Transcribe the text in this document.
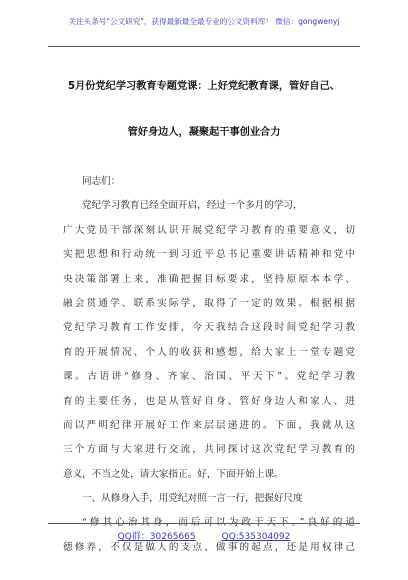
关注头条号"公文研究"，获得最新最全最专业的公文资料库！ 微信：gongwenyj
5月份党纪学习教育专题党课：上好党纪教育课，管好自己、
管好身边人，凝聚起干事创业合力
同志们：
党纪学习教育已经全面开启，经过一个多月的学习，
广大党员干部深刻认识开展党纪学习教育的重要意义，切
实把思想和行动统一到习近平总书记重要讲话精神和党中
央决策部署上来，准确把握目标要求，坚持原原本本学、
融会贯通学、联系实际学，取得了一定的效果。根据根据
党纪学习教育工作安排，今天我结合这段时间党纪学习教
育的开展情况、个人的收获和感想，给大家上一堂专题党
课。古语讲“修身、齐家、治国、平天下”。党纪学习教
育的主要任务，也是从管好自身、管好身边人和家人、进
而以严明纪律开展好工作来层层递进的。下面，我就从这
三个方面与大家进行交流，共同探讨这次党纪学习教育的
意义，不当之处，请大家指正。好，下面开始上课。
一、从修身入手，用党纪对照一言一行，把握好尺度
“修其心治其身，而后可以为政于天下。”良好的道
德修养，不仅是做人的支点、做事的起点，还是用权律己
QQ群：30265665	QQ:535304092
